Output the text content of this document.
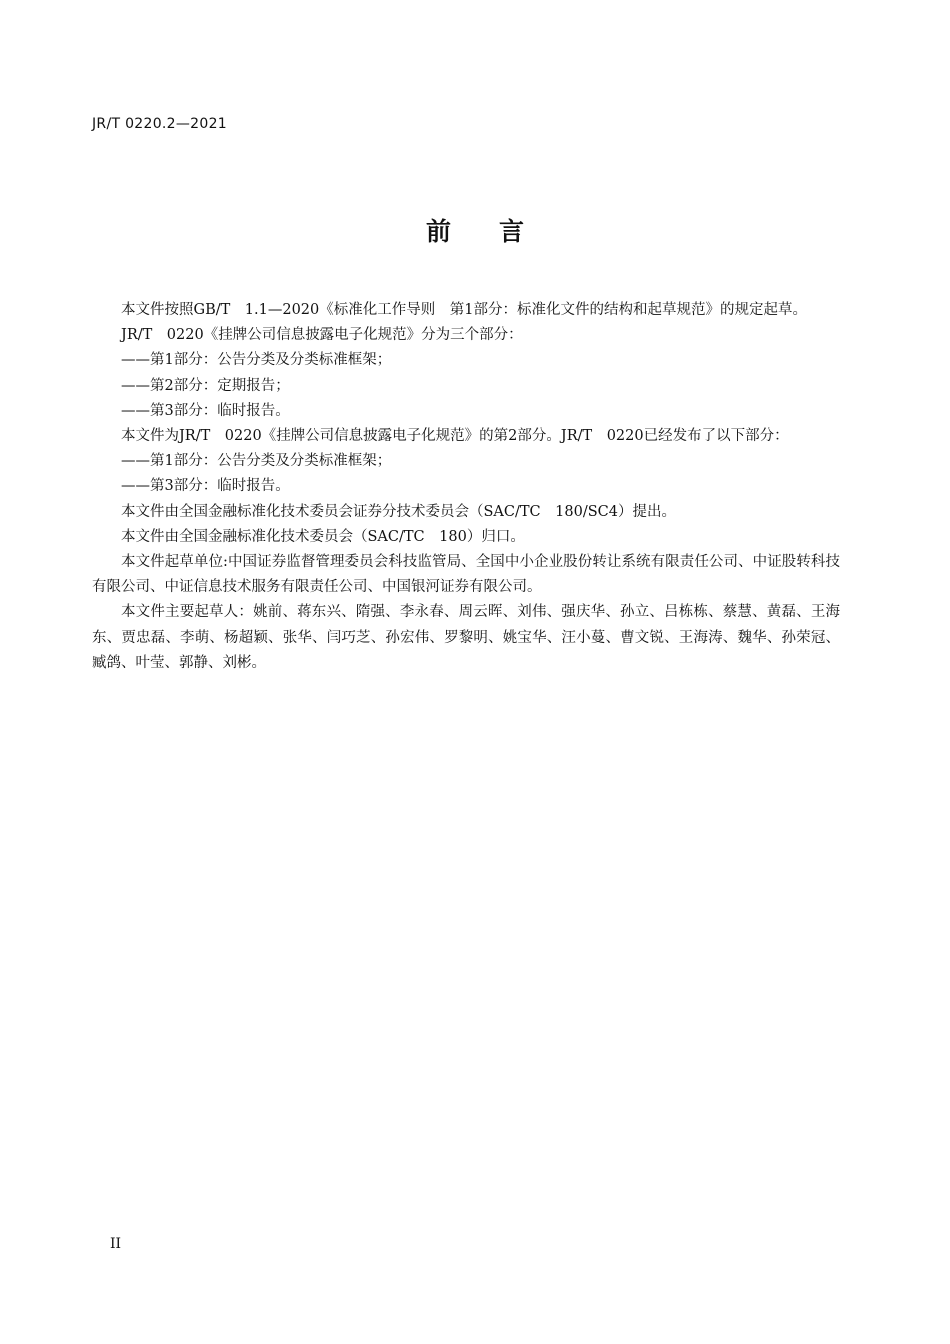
JR/T 0220.2—2021
前 言

本文件按照GB/T　1.1—2020《标准化工作导则　第1部分：标准化文件的结构和起草规范》的规定起草。

JR/T　0220《挂牌公司信息披露电子化规范》分为三个部分：

——第1部分：公告分类及分类标准框架；

——第2部分：定期报告；

——第3部分：临时报告。

本文件为JR/T　0220《挂牌公司信息披露电子化规范》的第2部分。JR/T　0220已经发布了以下部分：

——第1部分：公告分类及分类标准框架；

——第3部分：临时报告。

本文件由全国金融标准化技术委员会证券分技术委员会（SAC/TC　180/SC4）提出。

本文件由全国金融标准化技术委员会（SAC/TC　180）归口。

本文件起草单位:中国证券监督管理委员会科技监管局、全国中小企业股份转让系统有限责任公司、中证股转科技有限公司、中证信息技术服务有限责任公司、中国银河证券有限公司。

本文件主要起草人：姚前、蒋东兴、隋强、李永春、周云晖、刘伟、强庆华、孙立、吕栋栋、蔡慧、黄磊、王海东、贾忠磊、李萌、杨超颖、张华、闫巧芝、孙宏伟、罗黎明、姚宝华、汪小蔓、曹文锐、王海涛、魏华、孙荣冠、臧鸽、叶莹、郭静、刘彬。

II
